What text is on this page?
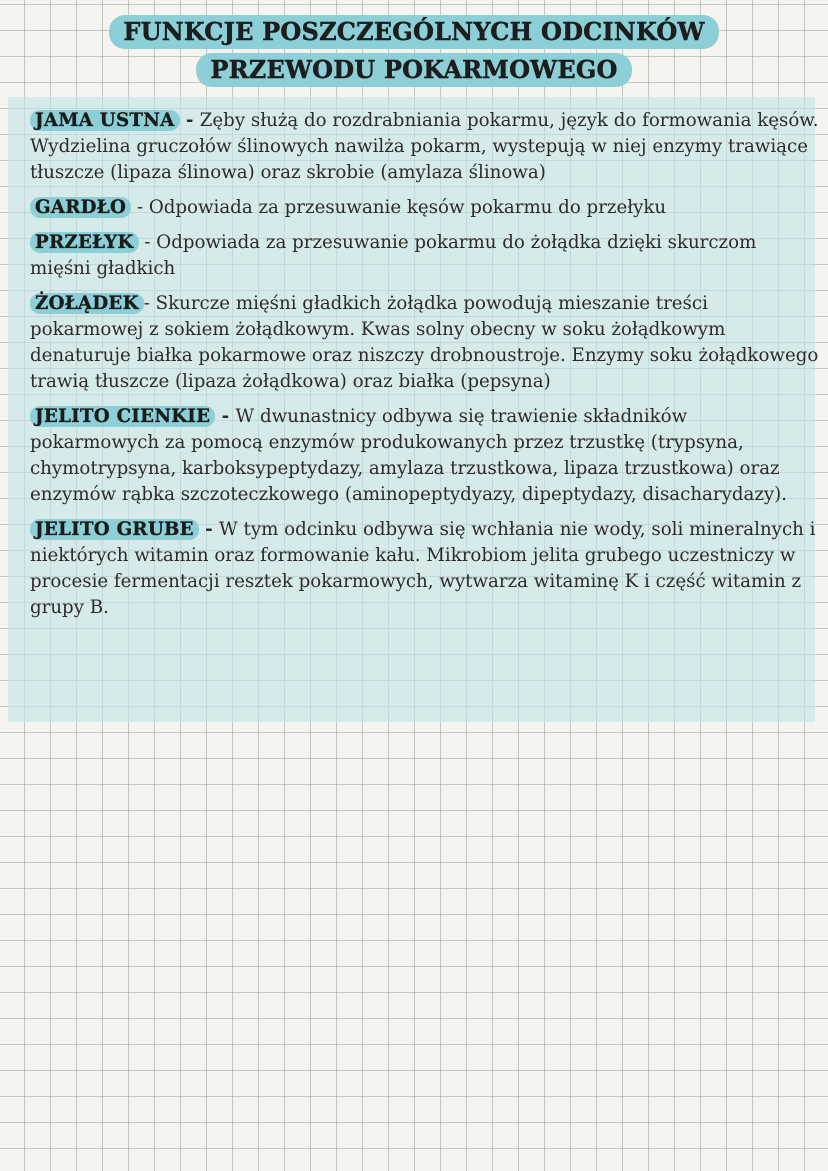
FUNKCJE POSZCZEGÓLNYCH ODCINKÓW
PRZEWODU POKARMOWEGO

JAMA USTNA - Zęby służą do rozdrabniania pokarmu, język do formowania kęsów. Wydzielina gruczołów ślinowych nawilża pokarm, wystepują w niej enzymy trawiące tłuszcze (lipaza ślinowa) oraz skrobie (amylaza ślinowa)

GARDŁO - Odpowiada za przesuwanie kęsów pokarmu do przełyku

PRZEŁYK - Odpowiada za przesuwanie pokarmu do żołądka dzięki skurczom mięśni gładkich

ŻOŁĄDEK - Skurcze mięśni gładkich żołądka powodują mieszanie treści pokarmowej z sokiem żołądkowym. Kwas solny obecny w soku żołądkowym denaturuje białka pokarmowe oraz niszczy drobnoustroje. Enzymy soku żołądkowego trawią tłuszcze (lipaza żołądkowa) oraz białka (pepsyna)

JELITO CIENKIE - W dwunastnicy odbywa się trawienie składników pokarmowych za pomocą enzymów produkowanych przez trzustkę (trypsyna, chymotrypsyna, karboksypeptydazy, amylaza trzustkowa, lipaza trzustkowa) oraz enzymów rąbka szczoteczkowego (aminopeptydyazy, dipeptydazy, disacharydazy).

JELITO GRUBE - W tym odcinku odbywa się wchłania nie wody, soli mineralnych i niektórych witamin oraz formowanie kału. Mikrobiom jelita grubego uczestniczy w procesie fermentacji resztek pokarmowych, wytwarza witaminę K i część witamin z grupy B.
